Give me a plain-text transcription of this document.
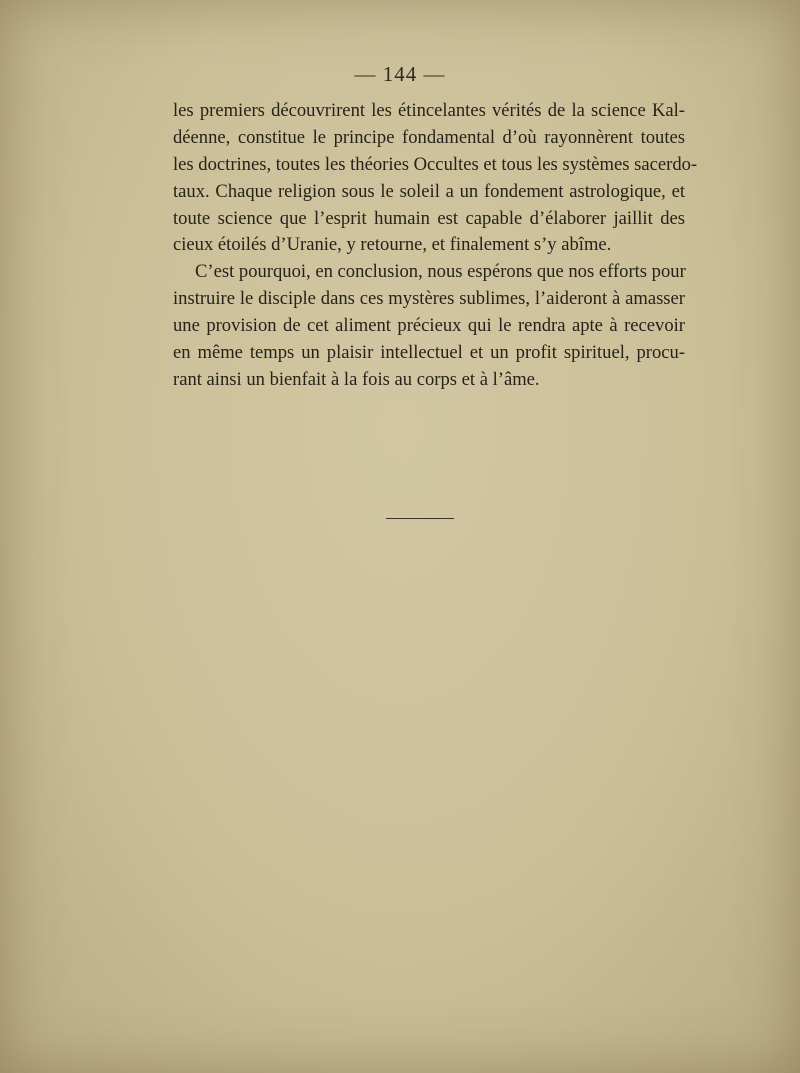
— 144 —
les premiers découvrirent les étincelantes vérités de la science Kal-
déenne, constitue le principe fondamental d’où rayonnèrent toutes
les doctrines, toutes les théories Occultes et tous les systèmes sacerdo-
taux. Chaque religion sous le soleil a un fondement astrologique, et
toute science que l’esprit humain est capable d’élaborer jaillit des
cieux étoilés d’Uranie, y retourne, et finalement s’y abîme.
C’est pourquoi, en conclusion, nous espérons que nos efforts pour
instruire le disciple dans ces mystères sublimes, l’aideront à amasser
une provision de cet aliment précieux qui le rendra apte à recevoir
en même temps un plaisir intellectuel et un profit spirituel, procu-
rant ainsi un bienfait à la fois au corps et à l’âme.
